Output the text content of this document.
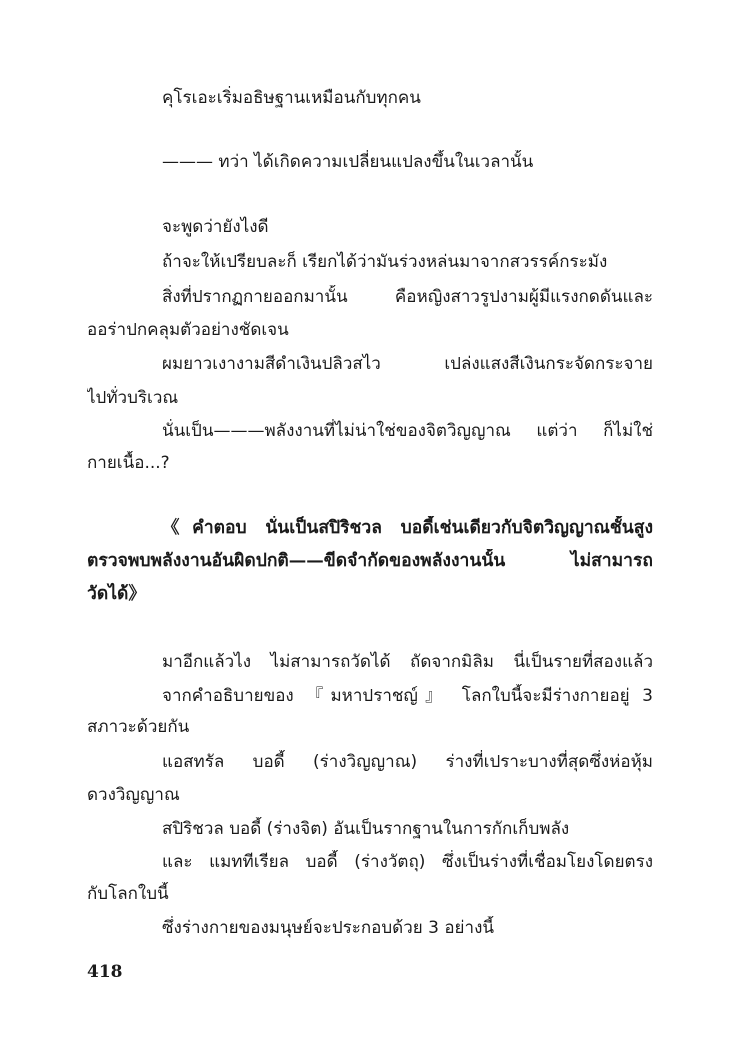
คุโรเอะเริ่มอธิษฐานเหมือนกับทุกคน
——— ทว่า ได้เกิดความเปลี่ยนแปลงขึ้นในเวลานั้น
จะพูดว่ายังไงดี
ถ้าจะให้เปรียบละก็ เรียกได้ว่ามันร่วงหล่นมาจากสวรรค์กระมัง
สิ่งที่ปรากฏกายออกมานั้น คือหญิงสาวรูปงามผู้มีแรงกดดันและ
ออร่าปกคลุมตัวอย่างชัดเจน
ผมยาวเงางามสีดำเงินปลิวสไว เปล่งแสงสีเงินกระจัดกระจาย
ไปทั่วบริเวณ
นั่นเป็น———พลังงานที่ไม่น่าใช่ของจิตวิญญาณ แต่ว่า ก็ไม่ใช่
กายเนื้อ...?
《คำตอบ นั่นเป็นสปิริชวล บอดี้เช่นเดียวกับจิตวิญญาณชั้นสูง
ตรวจพบพลังงานอันผิดปกติ——ขีดจำกัดของพลังงานนั้น ไม่สามารถ
วัดได้》
มาอีกแล้วไง ไม่สามารถวัดได้ ถัดจากมิลิม นี่เป็นรายที่สองแล้ว
จากคำอธิบายของ 『มหาปราชญ์』 โลกใบนี้จะมีร่างกายอยู่ 3
สภาวะด้วยกัน
แอสทรัล บอดี้ (ร่างวิญญาณ) ร่างที่เปราะบางที่สุดซึ่งห่อหุ้ม
ดวงวิญญาณ
สปิริชวล บอดี้ (ร่างจิต) อันเป็นรากฐานในการกักเก็บพลัง
และ แมททีเรียล บอดี้ (ร่างวัตถุ) ซึ่งเป็นร่างที่เชื่อมโยงโดยตรง
กับโลกใบนี้
ซึ่งร่างกายของมนุษย์จะประกอบด้วย 3 อย่างนี้
418
